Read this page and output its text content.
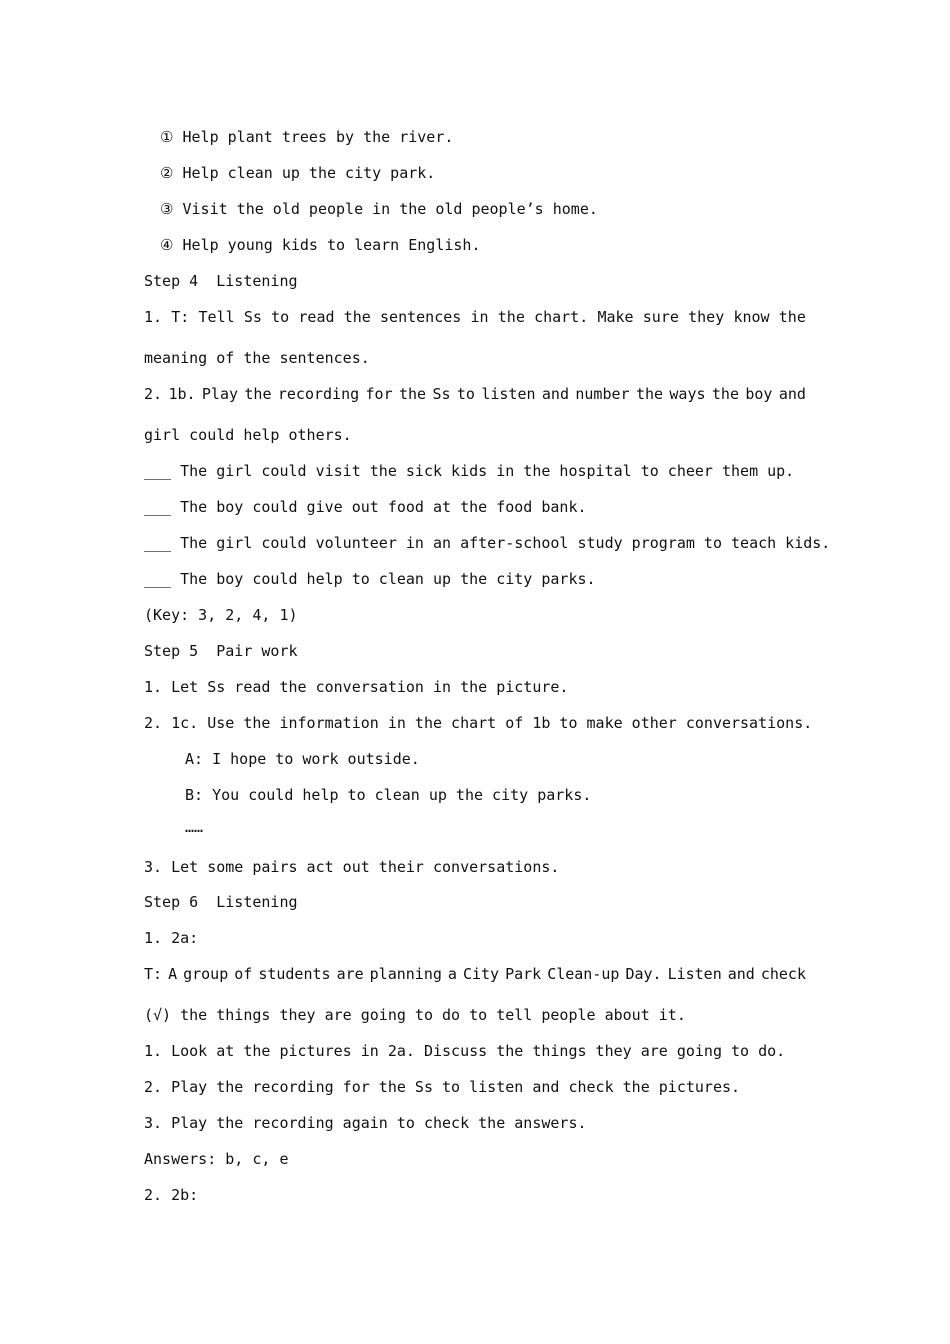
① Help plant trees by the river.
② Help clean up the city park.
③ Visit the old people in the old people’s home.
④ Help young kids to learn English.
Step 4  Listening
1. T: Tell Ss to read the sentences in the chart. Make sure they know the
meaning of the sentences.
2. 1b. Play the recording for the Ss to listen and number the ways the boy and
girl could help others.
___ The girl could visit the sick kids in the hospital to cheer them up.
___ The boy could give out food at the food bank.
___ The girl could volunteer in an after-school study program to teach kids.
___ The boy could help to clean up the city parks.
(Key: 3, 2, 4, 1)
Step 5  Pair work
1. Let Ss read the conversation in the picture.
2. 1c. Use the information in the chart of 1b to make other conversations.
A: I hope to work outside.
B: You could help to clean up the city parks.
……
3. Let some pairs act out their conversations.
Step 6  Listening
1. 2a:
T: A group of students are planning a City Park Clean-up Day. Listen and check
(√) the things they are going to do to tell people about it.
1. Look at the pictures in 2a. Discuss the things they are going to do.
2. Play the recording for the Ss to listen and check the pictures.
3. Play the recording again to check the answers.
Answers: b, c, e
2. 2b:
